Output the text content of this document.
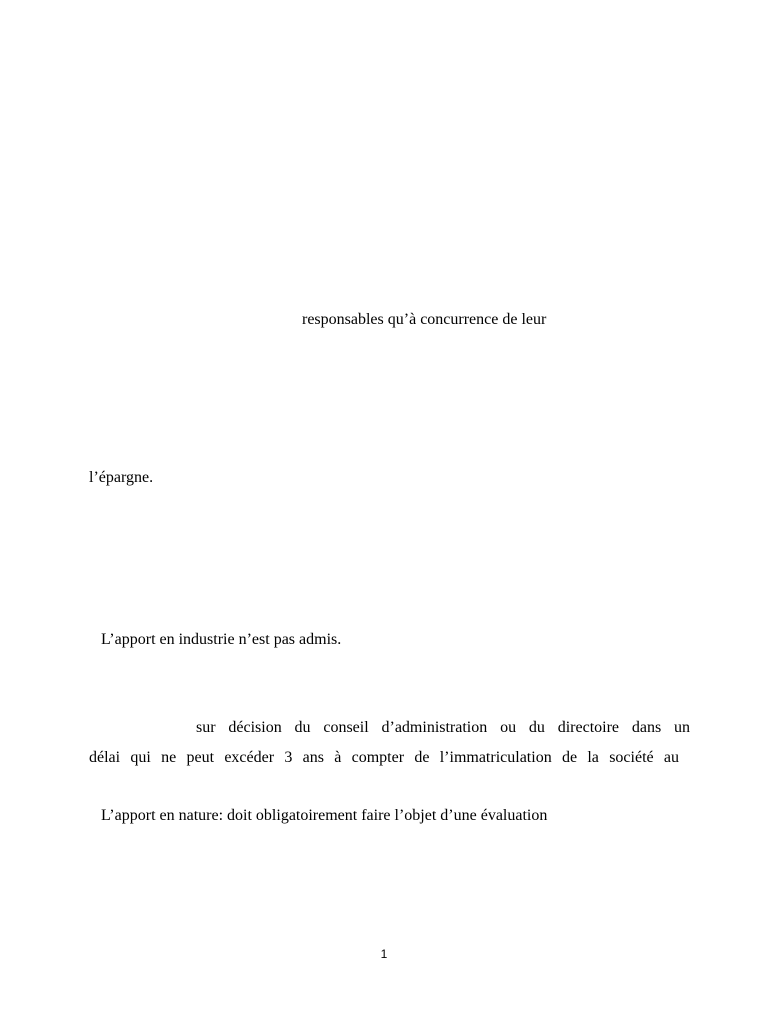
responsables qu’à concurrence de leur

l’épargne.

L’apport en industrie n’est pas admis.

sur décision du conseil d’administration ou du directoire dans un

délai qui ne peut excéder 3 ans à compter de l’immatriculation de la société au

L’apport en nature: doit obligatoirement faire l’objet d’une évaluation

1
